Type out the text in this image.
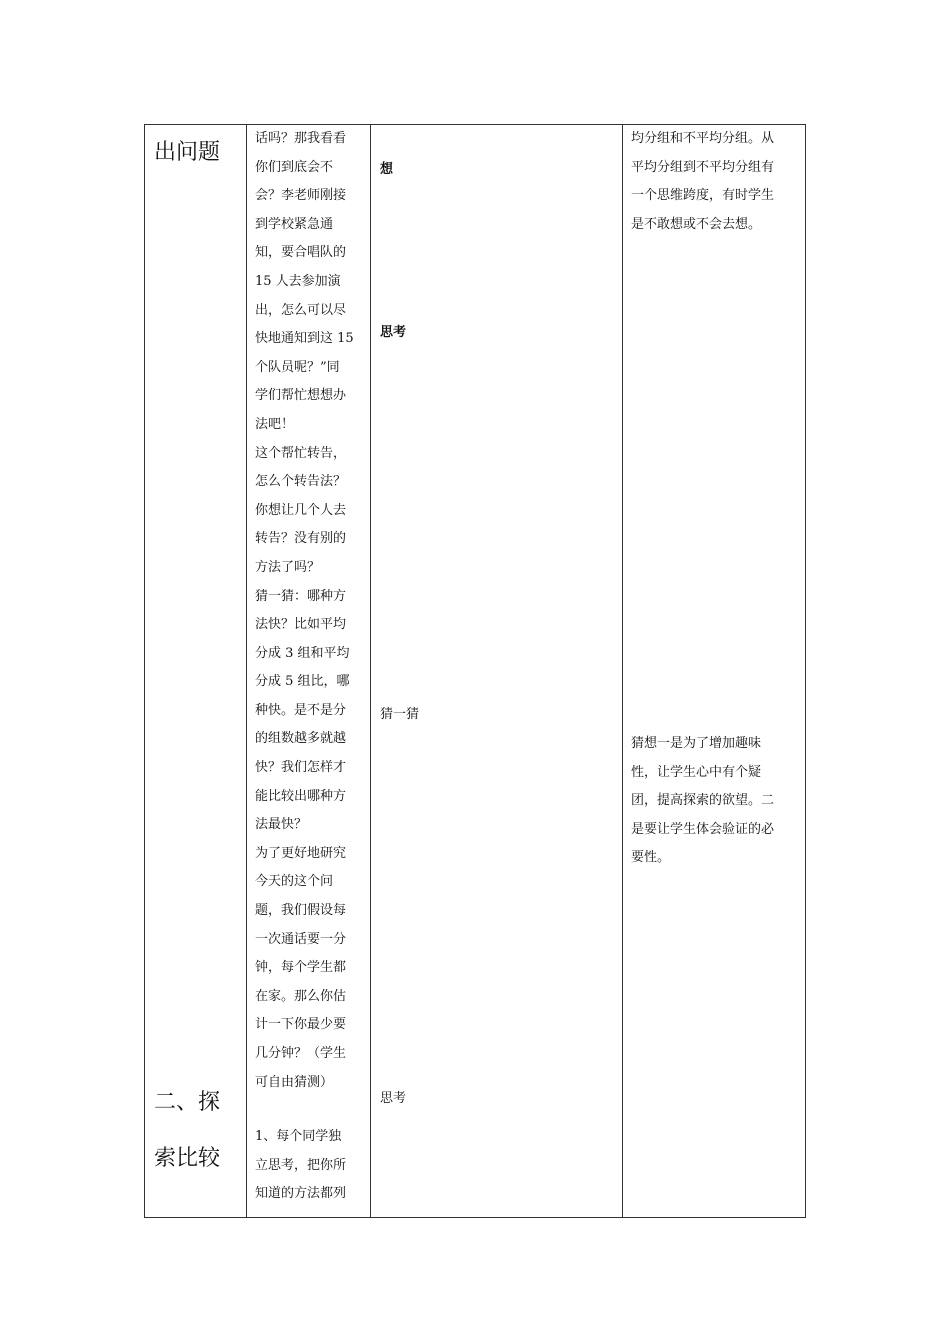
出问题
二、探
索比较
话吗？那我看看
你们到底会不
会？李老师刚接
到学校紧急通
知，要合唱队的
15 人去参加演
出，怎么可以尽
快地通知到这 15
个队员呢？”同
学们帮忙想想办
法吧！
这个帮忙转告，
怎么个转告法？
你想让几个人去
转告？没有别的
方法了吗？
猜一猜：哪种方
法快？比如平均
分成 3 组和平均
分成 5 组比，哪
种快。是不是分
的组数越多就越
快？我们怎样才
能比较出哪种方
法最快？
为了更好地研究
今天的这个问
题，我们假设每
一次通话要一分
钟，每个学生都
在家。那么你估
计一下你最少要
几分钟？（学生
可自由猜测）
1、每个同学独
立思考，把你所
知道的方法都列
想
思考
猜一猜
思考
均分组和不平均分组。从
平均分组到不平均分组有
一个思维跨度，有时学生
是不敢想或不会去想。
猜想一是为了增加趣味
性，让学生心中有个疑
团，提高探索的欲望。二
是要让学生体会验证的必
要性。
